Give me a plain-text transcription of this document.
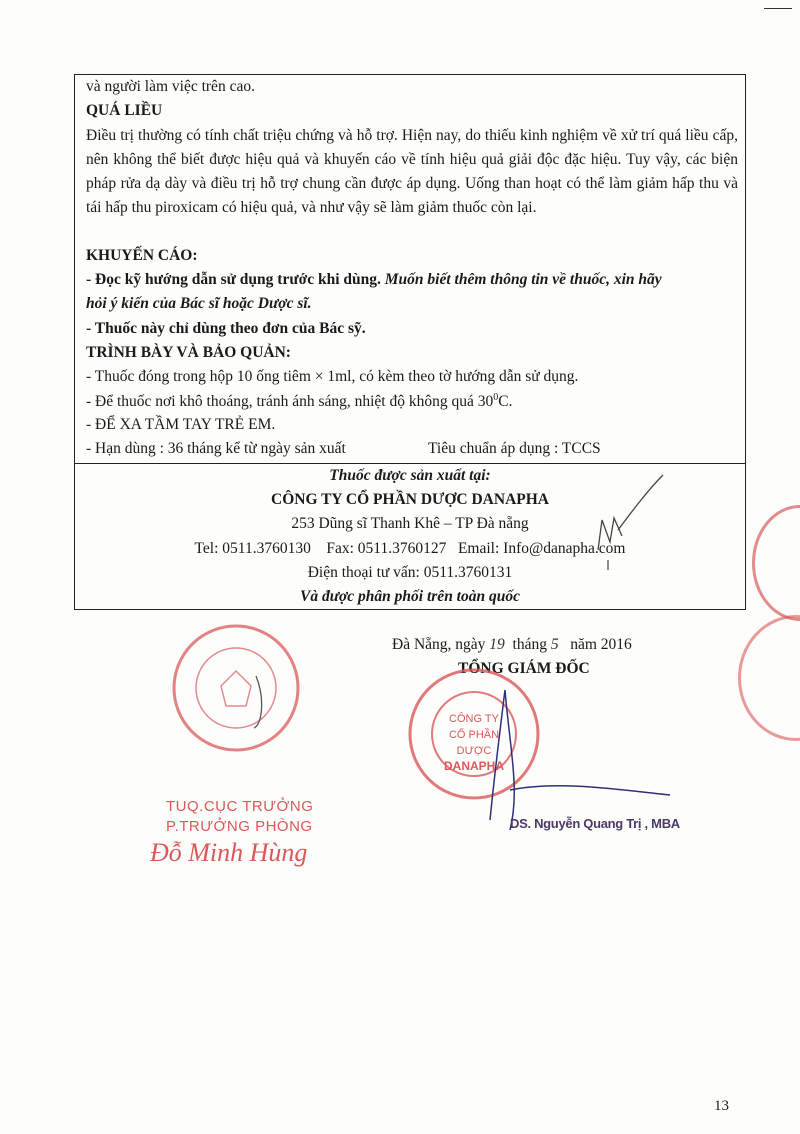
và người làm việc trên cao.
QUÁ LIỀU
Điều trị thường có tính chất triệu chứng và hỗ trợ. Hiện nay, do thiếu kinh nghiệm về xử trí quá liều cấp, nên không thể biết được hiệu quả và khuyến cáo về tính hiệu quả giải độc đặc hiệu. Tuy vậy, các biện pháp rửa dạ dày và điều trị hỗ trợ chung cần được áp dụng. Uống than hoạt có thể làm giảm hấp thu và tái hấp thu piroxicam có hiệu quả, và như vậy sẽ làm giảm thuốc còn lại.
KHUYẾN CÁO:
- Đọc kỹ hướng dẫn sử dụng trước khi dùng. Muốn biết thêm thông tin về thuốc, xin hãy
hỏi ý kiến của Bác sĩ hoặc Dược sĩ.
- Thuốc này chỉ dùng theo đơn của Bác sỹ.
TRÌNH BÀY VÀ BẢO QUẢN:
- Thuốc đóng trong hộp 10 ống tiêm × 1ml, có kèm theo tờ hướng dẫn sử dụng.
- Để thuốc nơi khô thoáng, tránh ánh sáng, nhiệt độ không quá $30^0C$.
- ĐỂ XA TẦM TAY TRẺ EM.
- Hạn dùng : 36 tháng kể từ ngày sản xuất	Tiêu chuẩn áp dụng : TCCS
Thuốc được sản xuất tại:
CÔNG TY CỔ PHẦN DƯỢC DANAPHA
253 Dũng sĩ Thanh Khê – TP Đà nẵng
Tel: 0511.3760130    Fax: 0511.3760127   Email: Info@danapha.com
Điện thoại tư vấn: 0511.3760131
Và được phân phối trên toàn quốc
Đà Nẵng, ngày 19 tháng 5 năm 2016
TỔNG GIÁM ĐỐC
CÔNG TY
CỔ PHẦN
DƯỢC
DANAPHA
DS. Nguyễn Quang Trị , MBA
TUQ.CỤC TRƯỞNG
P.TRƯỞNG PHÒNG
Đỗ Minh Hùng
13
